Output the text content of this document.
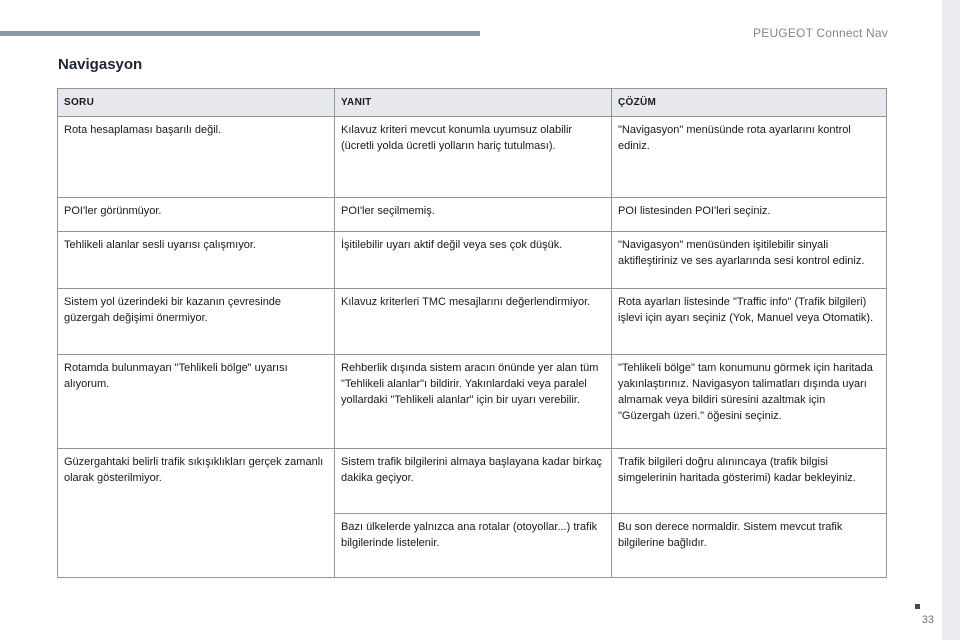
PEUGEOT Connect Nav
33
Navigasyon
SORU	YANIT	ÇÖZÜM
Rota hesaplaması başarılı değil.	Kılavuz kriteri mevcut konumla uyumsuz olabilir (ücretli yolda ücretli yolların hariç tutulması).	"Navigasyon" menüsünde rota ayarlarını kontrol ediniz.
POI'ler görünmüyor.	POI'ler seçilmemiş.	POI listesinden POI'leri seçiniz.
Tehlikeli alanlar sesli uyarısı çalışmıyor.	İşitilebilir uyarı aktif değil veya ses çok düşük.	"Navigasyon" menüsünden işitilebilir sinyali aktifleştiriniz ve ses ayarlarında sesi kontrol ediniz.
Sistem yol üzerindeki bir kazanın çevresinde güzergah değişimi önermiyor.	Kılavuz kriterleri TMC mesajlarını değerlendirmiyor.	Rota ayarları listesinde "Traffic info" (Trafik bilgileri) işlevi için ayarı seçiniz (Yok, Manuel veya Otomatik).
Rotamda bulunmayan "Tehlikeli bölge" uyarısı alıyorum.	Rehberlik dışında sistem aracın önünde yer alan tüm "Tehlikeli alanlar"ı bildirir. Yakınlardaki veya paralel yollardaki "Tehlikeli alanlar" için bir uyarı verebilir.	"Tehlikeli bölge" tam konumunu görmek için haritada yakınlaştırınız. Navigasyon talimatları dışında uyarı almamak veya bildiri süresini azaltmak için "Güzergah üzeri." öğesini seçiniz.
Güzergahtaki belirli trafik sıkışıklıkları gerçek zamanlı olarak gösterilmiyor.	Sistem trafik bilgilerini almaya başlayana kadar birkaç dakika geçiyor.	Trafik bilgileri doğru alınıncaya (trafik bilgisi simgelerinin haritada gösterimi) kadar bekleyiniz.
	Bazı ülkelerde yalnızca ana rotalar (otoyollar...) trafik bilgilerinde listelenir.	Bu son derece normaldir. Sistem mevcut trafik bilgilerine bağlıdır.
